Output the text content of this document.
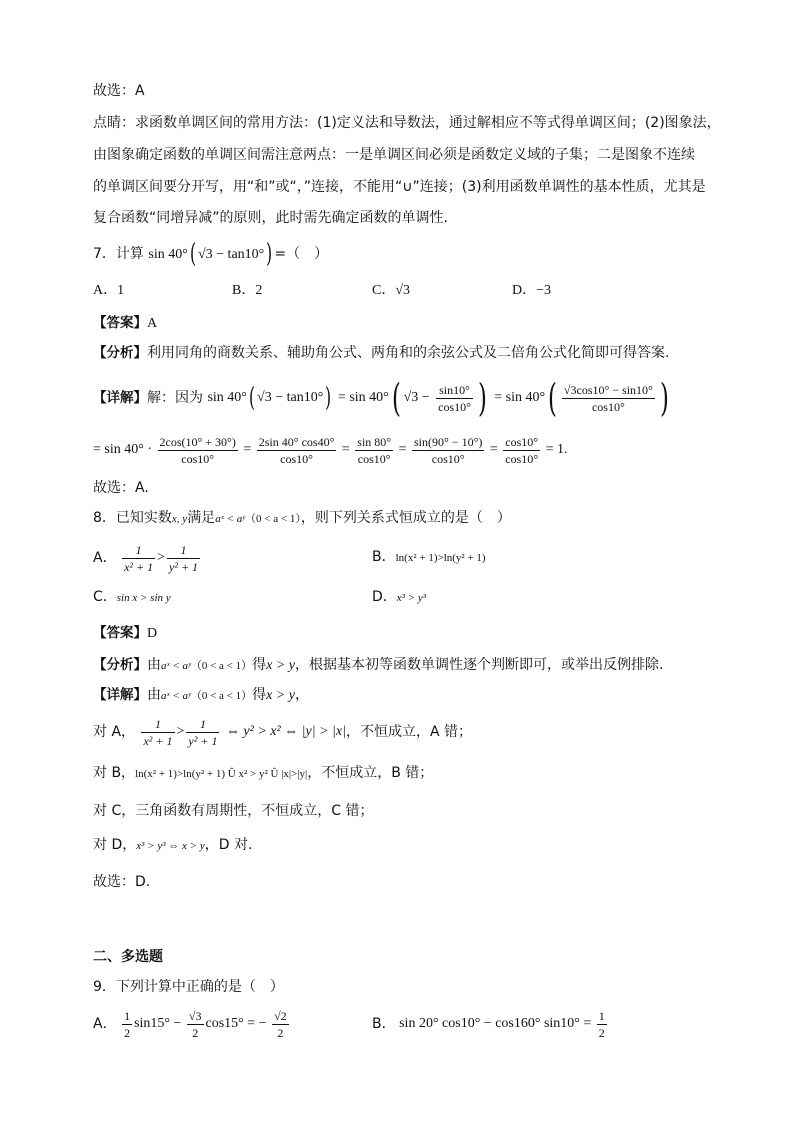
故选：A
点睛：求函数单调区间的常用方法：(1)定义法和导数法，通过解相应不等式得单调区间；(2)图象法，
由图象确定函数的单调区间需注意两点：一是单调区间必须是函数定义域的子集；二是图象不连续
的单调区间要分开写，用“和”或“，”连接，不能用“∪”连接；(3)利用函数单调性的基本性质，尤其是
复合函数“同增异减”的原则，此时需先确定函数的单调性.
7．计算 sin 40°( √3 − tan10°) =（　）
A．1	B．2	C．√3	D．−3
【答案】A
【分析】利用同角的商数关系、辅助角公式、两角和的余弦公式及二倍角公式化简即可得答案.
【详解】解：因为 sin 40°( √3 − tan10°) = sin 40°( $√3 - \frac{\sin 10^\circ}{\cos 10^\circ}$ ) = $\sin 40^\circ( \frac{√3\cos 10^\circ - \sin 10^\circ}{\cos 10^\circ}$ )
= $\sin 40^\circ \cdot \frac{2\cos(10^\circ + 30^\circ)}{\cos 10^\circ} = \frac{2\sin 40^\circ \cos 40^\circ}{\cos 10^\circ} = \frac{\sin 80^\circ}{\cos 10^\circ} = \frac{\sin(90^\circ - 10^\circ)}{\cos 10^\circ} = \frac{\cos 10^\circ}{\cos 10^\circ} = 1$.
故选：A.
8．已知实数x, y满足aˣ < aʸ（0 < a < 1），则下列关系式恒成立的是（　）
A． $\frac{1}{\text{x² + 1}} > \frac{1}{\text{y² + 1}}$	B．ln(x² + 1)>ln(y² + 1)
C．sin x > sin y	D．x³ > y³
【答案】D
【分析】由aˣ < aʸ（0 < a < 1）得x > y，根据基本初等函数单调性逐个判断即可，或举出反例排除.
【详解】由aˣ < aʸ（0 < a < 1）得x > y，
对 A， $\frac{1}{\text{x² + 1}} > \frac{1}{\text{y² + 1}}$ ⇔ y² > x² ⇔ |y| > |x|，不恒成立，A 错；
对 B，ln(x² + 1)>ln(y² + 1) Û x² > y² Û |x|>|y|，不恒成立，B 错；
对 C，三角函数有周期性，不恒成立，C 错；
对 D，x³ > y³ ⇔ x > y，D 对.
故选：D.
二、多选题
9．下列计算中正确的是（　）
A． $\frac{1}{2} \sin 15^\circ - \frac{√3}{2} \cos 15^\circ$ = − $\frac{√2}{2}$	B． sin 20° cos10° − cos160° $\sin 10^\circ = \frac{1}{2}$
